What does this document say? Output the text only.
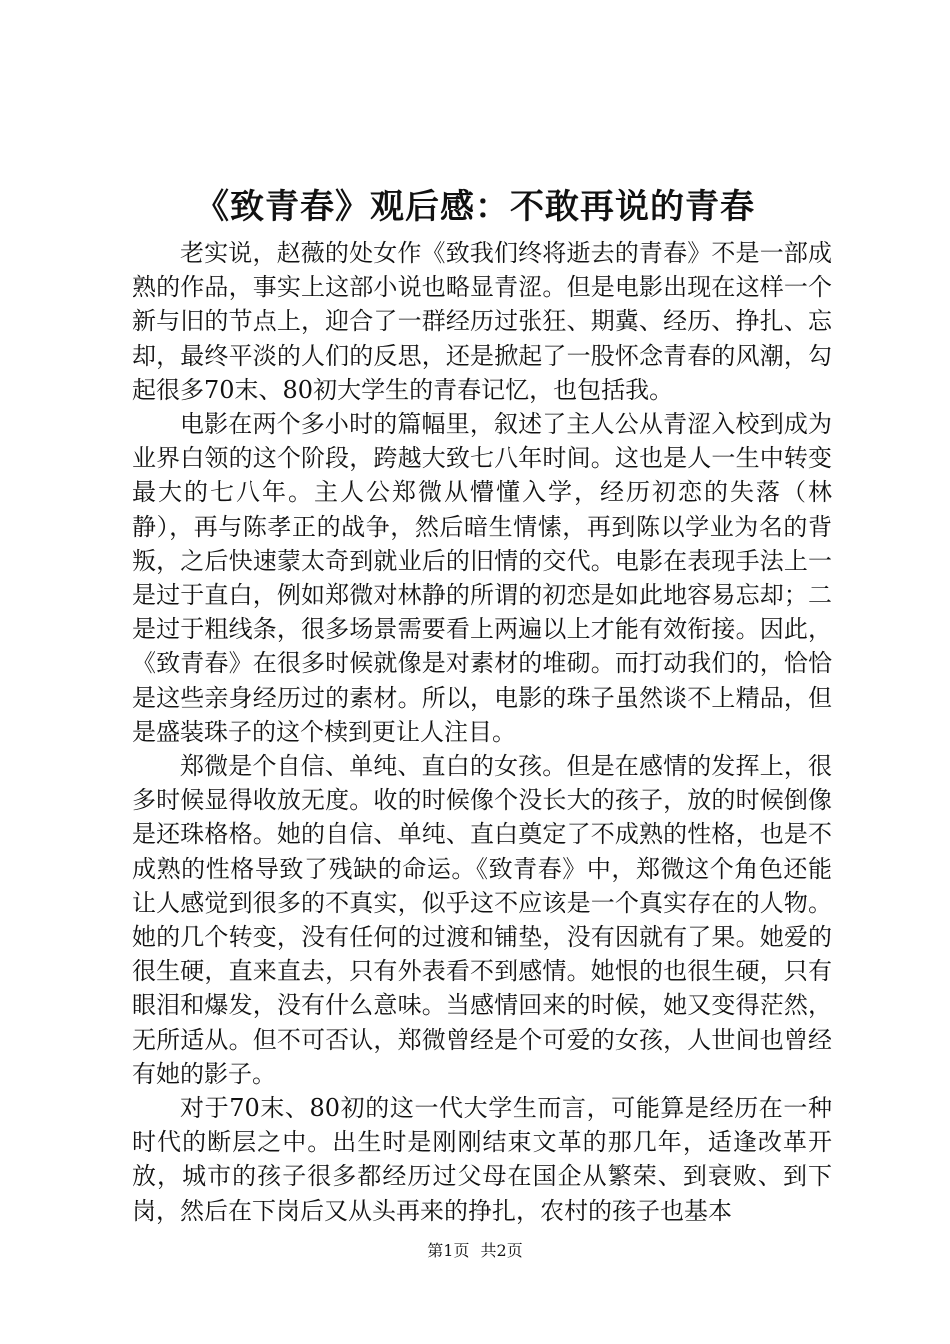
《致青春》观后感：不敢再说的青春

老实说，赵薇的处女作《致我们终将逝去的青春》不是一部成熟的作品，事实上这部小说也略显青涩。但是电影出现在这样一个新与旧的节点上，迎合了一群经历过张狂、期冀、经历、挣扎、忘却，最终平淡的人们的反思，还是掀起了一股怀念青春的风潮，勾起很多70末、80初大学生的青春记忆，也包括我。

电影在两个多小时的篇幅里，叙述了主人公从青涩入校到成为业界白领的这个阶段，跨越大致七八年时间。这也是人一生中转变最大的七八年。主人公郑微从懵懂入学，经历初恋的失落（林静），再与陈孝正的战争，然后暗生情愫，再到陈以学业为名的背叛，之后快速蒙太奇到就业后的旧情的交代。电影在表现手法上一是过于直白，例如郑微对林静的所谓的初恋是如此地容易忘却；二是过于粗线条，很多场景需要看上两遍以上才能有效衔接。因此，《致青春》在很多时候就像是对素材的堆砌。而打动我们的，恰恰是这些亲身经历过的素材。所以，电影的珠子虽然谈不上精品，但是盛装珠子的这个椟到更让人注目。

郑微是个自信、单纯、直白的女孩。但是在感情的发挥上，很多时候显得收放无度。收的时候像个没长大的孩子，放的时候倒像是还珠格格。她的自信、单纯、直白奠定了不成熟的性格，也是不成熟的性格导致了残缺的命运。《致青春》中，郑微这个角色还能让人感觉到很多的不真实，似乎这不应该是一个真实存在的人物。她的几个转变，没有任何的过渡和铺垫，没有因就有了果。她爱的很生硬，直来直去，只有外表看不到感情。她恨的也很生硬，只有眼泪和爆发，没有什么意味。当感情回来的时候，她又变得茫然，无所适从。但不可否认，郑微曾经是个可爱的女孩，人世间也曾经有她的影子。

对于70末、80初的这一代大学生而言，可能算是经历在一种时代的断层之中。出生时是刚刚结束文革的那几年，适逢改革开放，城市的孩子很多都经历过父母在国企从繁荣、到衰败、到下岗，然后在下岗后又从头再来的挣扎，农村的孩子也基本

第1页 共2页
